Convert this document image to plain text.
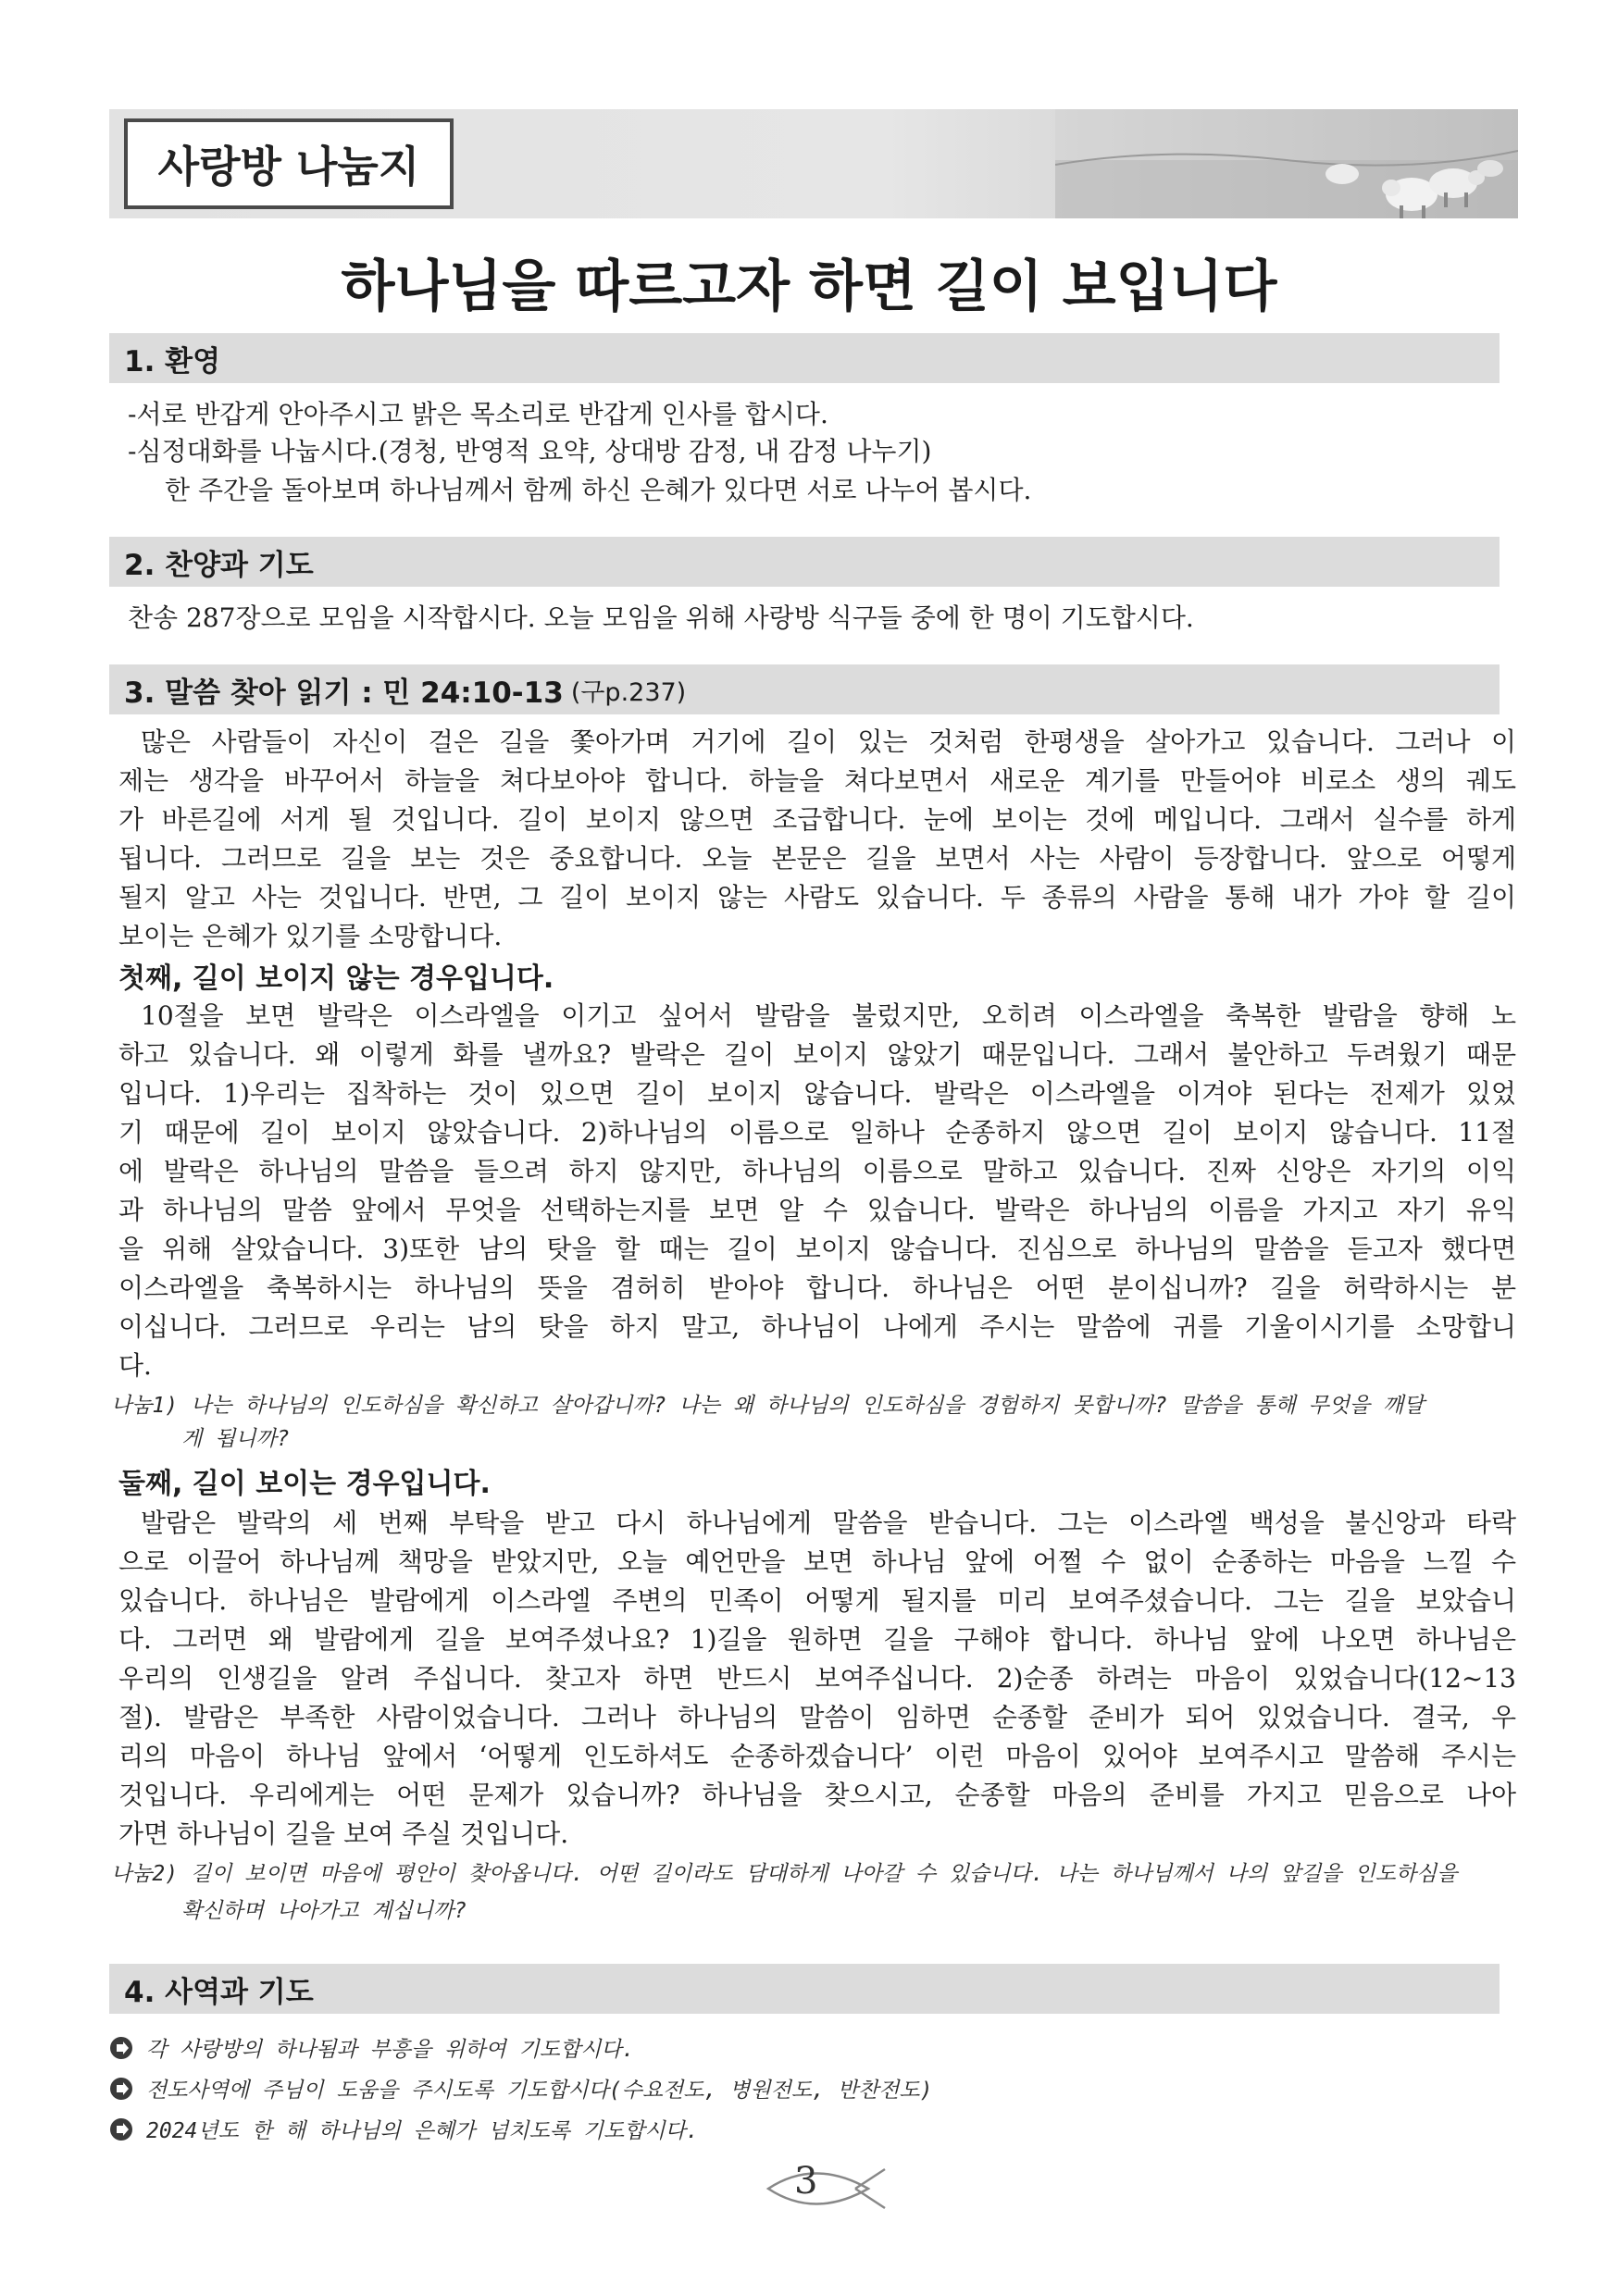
사랑방 나눔지
하나님을 따르고자 하면 길이 보입니다
1. 환영
-서로 반갑게 안아주시고 밝은 목소리로 반갑게 인사를 합시다.
-심정대화를 나눕시다.(경청, 반영적 요약, 상대방 감정, 내 감정 나누기)
한 주간을 돌아보며 하나님께서 함께 하신 은혜가 있다면 서로 나누어 봅시다.
2. 찬양과 기도
찬송 287장으로 모임을 시작합시다. 오늘 모임을 위해 사랑방 식구들 중에 한 명이 기도합시다.
3. 말씀 찾아 읽기 : 민 24:10-13 (구p.237)
많은 사람들이 자신이 걸은 길을 쫓아가며 거기에 길이 있는 것처럼 한평생을 살아가고 있습니다. 그러나 이
제는 생각을 바꾸어서 하늘을 쳐다보아야 합니다. 하늘을 쳐다보면서 새로운 계기를 만들어야 비로소 생의 궤도
가 바른길에 서게 될 것입니다. 길이 보이지 않으면 조급합니다. 눈에 보이는 것에 메입니다. 그래서 실수를 하게
됩니다. 그러므로 길을 보는 것은 중요합니다. 오늘 본문은 길을 보면서 사는 사람이 등장합니다. 앞으로 어떻게
될지 알고 사는 것입니다. 반면, 그 길이 보이지 않는 사람도 있습니다. 두 종류의 사람을 통해 내가 가야 할 길이
보이는 은혜가 있기를 소망합니다.
첫째, 길이 보이지 않는 경우입니다.
10절을 보면 발락은 이스라엘을 이기고 싶어서 발람을 불렀지만, 오히려 이스라엘을 축복한 발람을 향해 노
하고 있습니다. 왜 이렇게 화를 낼까요? 발락은 길이 보이지 않았기 때문입니다. 그래서 불안하고 두려웠기 때문
입니다. 1)우리는 집착하는 것이 있으면 길이 보이지 않습니다. 발락은 이스라엘을 이겨야 된다는 전제가 있었
기 때문에 길이 보이지 않았습니다. 2)하나님의 이름으로 일하나 순종하지 않으면 길이 보이지 않습니다. 11절
에 발락은 하나님의 말씀을 들으려 하지 않지만, 하나님의 이름으로 말하고 있습니다. 진짜 신앙은 자기의 이익
과 하나님의 말씀 앞에서 무엇을 선택하는지를 보면 알 수 있습니다. 발락은 하나님의 이름을 가지고 자기 유익
을 위해 살았습니다. 3)또한 남의 탓을 할 때는 길이 보이지 않습니다. 진심으로 하나님의 말씀을 듣고자 했다면
이스라엘을 축복하시는 하나님의 뜻을 겸허히 받아야 합니다. 하나님은 어떤 분이십니까? 길을 허락하시는 분
이십니다. 그러므로 우리는 남의 탓을 하지 말고, 하나님이 나에게 주시는 말씀에 귀를 기울이시기를 소망합니
다.
나눔1) 나는 하나님의 인도하심을 확신하고 살아갑니까? 나는 왜 하나님의 인도하심을 경험하지 못합니까? 말씀을 통해 무엇을 깨달
게 됩니까?
둘째, 길이 보이는 경우입니다.
발람은 발락의 세 번째 부탁을 받고 다시 하나님에게 말씀을 받습니다. 그는 이스라엘 백성을 불신앙과 타락
으로 이끌어 하나님께 책망을 받았지만, 오늘 예언만을 보면 하나님 앞에 어쩔 수 없이 순종하는 마음을 느낄 수
있습니다. 하나님은 발람에게 이스라엘 주변의 민족이 어떻게 될지를 미리 보여주셨습니다. 그는 길을 보았습니
다. 그러면 왜 발람에게 길을 보여주셨나요? 1)길을 원하면 길을 구해야 합니다. 하나님 앞에 나오면 하나님은
우리의 인생길을 알려 주십니다. 찾고자 하면 반드시 보여주십니다. 2)순종 하려는 마음이 있었습니다(12~13
절). 발람은 부족한 사람이었습니다. 그러나 하나님의 말씀이 임하면 순종할 준비가 되어 있었습니다. 결국, 우
리의 마음이 하나님 앞에서 ‘어떻게 인도하셔도 순종하겠습니다’ 이런 마음이 있어야 보여주시고 말씀해 주시는
것입니다. 우리에게는 어떤 문제가 있습니까? 하나님을 찾으시고, 순종할 마음의 준비를 가지고 믿음으로 나아
가면 하나님이 길을 보여 주실 것입니다.
나눔2) 길이 보이면 마음에 평안이 찾아옵니다. 어떤 길이라도 담대하게 나아갈 수 있습니다. 나는 하나님께서 나의 앞길을 인도하심을
확신하며 나아가고 계십니까?
4. 사역과 기도
각 사랑방의 하나됨과 부흥을 위하여 기도합시다.
전도사역에 주님이 도움을 주시도록 기도합시다(수요전도, 병원전도, 반찬전도)
2024년도 한 해 하나님의 은혜가 넘치도록 기도합시다.
3
